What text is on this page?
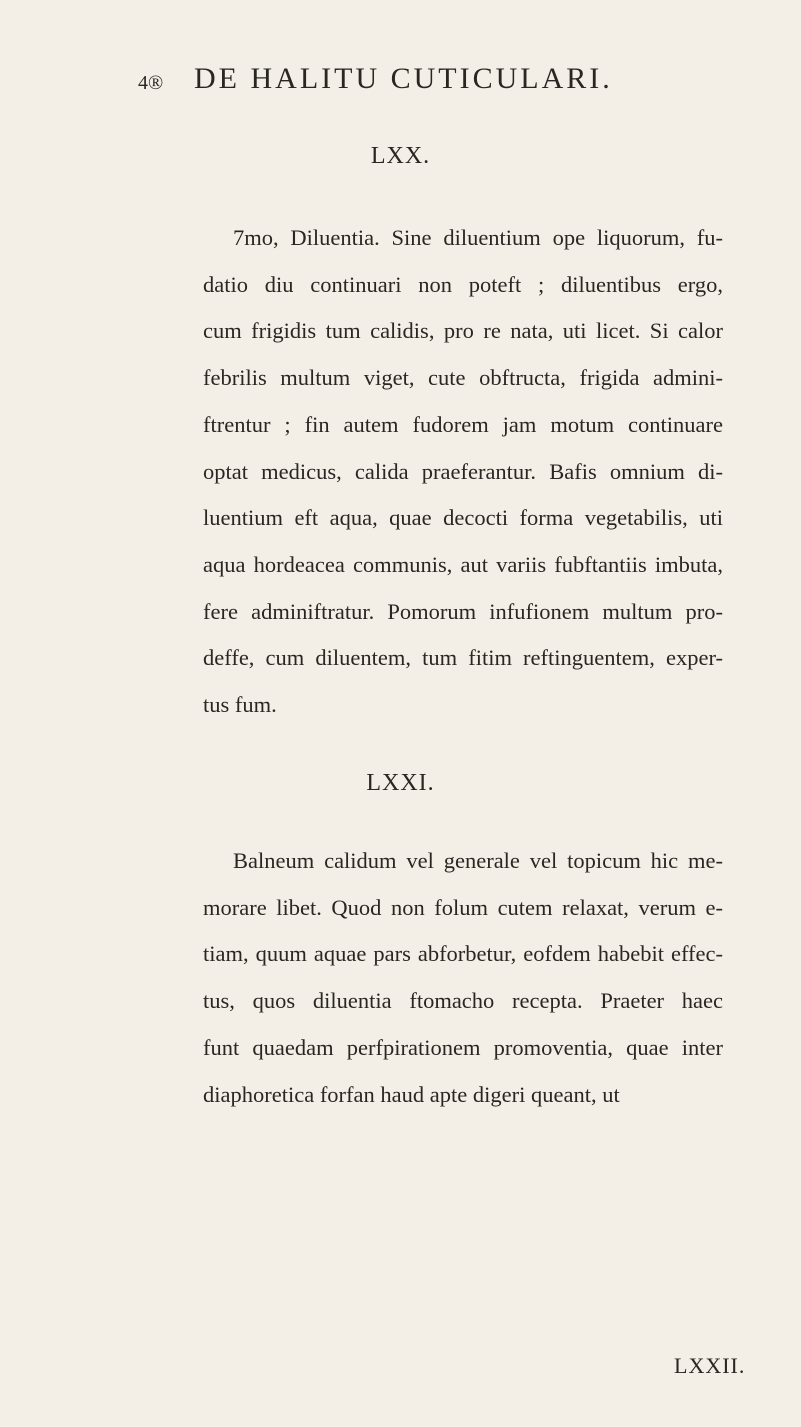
4® DE HALITU CUTICULARI.
LXX.

7mo, Diluentia. Sine diluentium ope liquorum, fu-
datio diu continuari non poteft ; diluentibus ergo,
cum frigidis tum calidis, pro re nata, uti licet. Si calor
febrilis multum viget, cute obftructa, frigida admini-
ftrentur ; fin autem fudorem jam motum continuare
optat medicus, calida praeferantur. Bafis omnium di-
luentium eft aqua, quae decocti forma vegetabilis, uti
aqua hordeacea communis, aut variis fubftantiis imbuta,
fere adminiftratur. Pomorum infufionem multum pro-
deffe, cum diluentem, tum fitim reftinguentem, exper-
tus fum.

LXXI.

Balneum calidum vel generale vel topicum hic me-
morare libet. Quod non folum cutem relaxat, verum e-
tiam, quum aquae pars abforbetur, eofdem habebit effec-
tus, quos diluentia ftomacho recepta. Praeter haec
funt quaedam perfpirationem promoventia, quae inter
diaphoretica forfan haud apte digeri queant, ut

LXXII.
